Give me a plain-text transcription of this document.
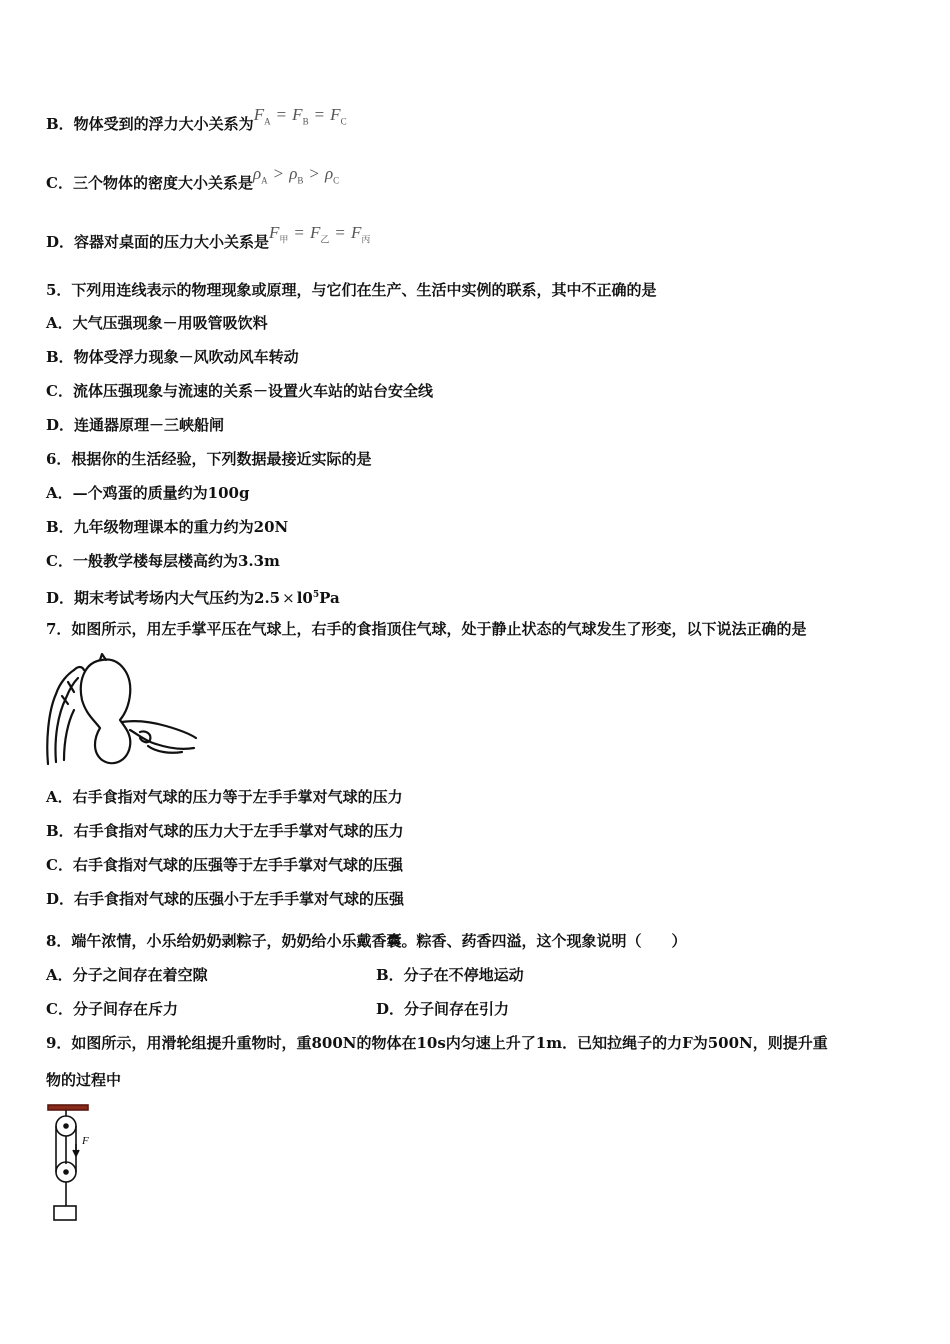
B．物体受到的浮力大小关系为$F_A = F_B = F_C$
C．三个物体的密度大小关系是$\rho_A > \rho_B > \rho_C$
D．容器对桌面的压力大小关系是$F_甲 = F_乙 = F_丙$
5．下列用连线表示的物理现象或原理，与它们在生产、生活中实例的联系，其中不正确的是
A．大气压强现象－用吸管吸饮料
B．物体受浮力现象－风吹动风车转动
C．流体压强现象与流速的关系－设置火车站的站台安全线
D．连通器原理－三峡船闸
6．根据你的生活经验，下列数据最接近实际的是
A．—个鸡蛋的质量约为100g
B．九年级物理课本的重力约为20N
C．一般教学楼每层楼高约为3.3m
D．期末考试考场内大气压约为$2.5 \times l0^5Pa$
7．如图所示，用左手掌平压在气球上，右手的食指顶住气球，处于静止状态的气球发生了形变，以下说法正确的是
A．右手食指对气球的压力等于左手手掌对气球的压力
B．右手食指对气球的压力大于左手手掌对气球的压力
C．右手食指对气球的压强等于左手手掌对气球的压强
D．右手食指对气球的压强小于左手手掌对气球的压强
8．端午浓情，小乐给奶奶剥粽子，奶奶给小乐戴香囊。粽香、药香四溢，这个现象说明（　　）
A．分子之间存在着空隙	B．分子在不停地运动
C．分子间存在斥力	D．分子间存在引力
9．如图所示，用滑轮组提升重物时，重800N的物体在10s内匀速上升了1m．已知拉绳子的力F为500N，则提升重
物的过程中
F
